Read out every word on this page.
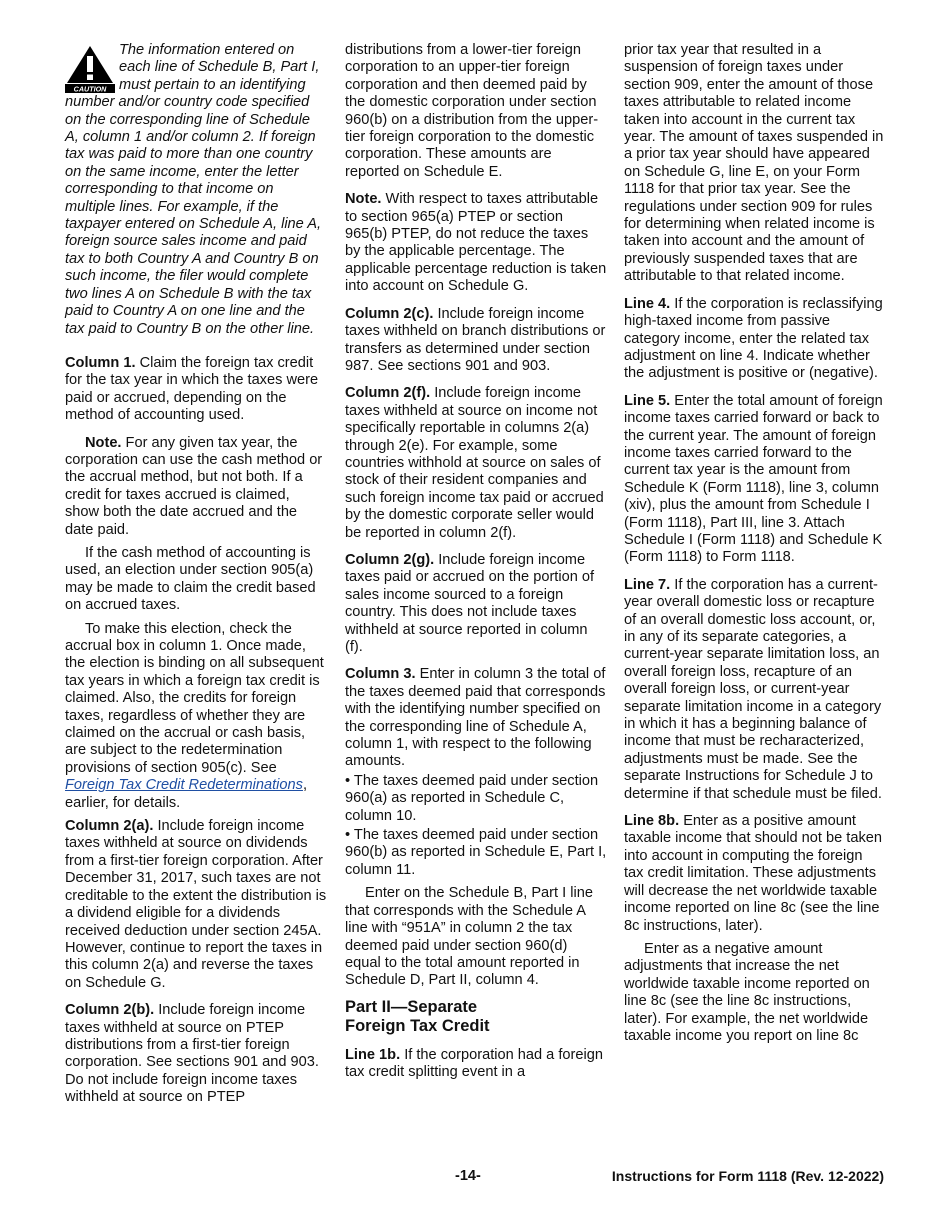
CAUTION
The information entered on each line of Schedule B, Part I, must pertain to an identifying number and/or country code specified on the corresponding line of Schedule A, column 1 and/or column 2. If foreign tax was paid to more than one country on the same income, enter the letter corresponding to that income on multiple lines. For example, if the taxpayer entered on Schedule A, line A, foreign source sales income and paid tax to both Country A and Country B on such income, the filer would complete two lines A on Schedule B with the tax paid to Country A on one line and the tax paid to Country B on the other line.

Column 1. Claim the foreign tax credit for the tax year in which the taxes were paid or accrued, depending on the method of accounting used.

Note. For any given tax year, the corporation can use the cash method or the accrual method, but not both. If a credit for taxes accrued is claimed, show both the date accrued and the date paid.

If the cash method of accounting is used, an election under section 905(a) may be made to claim the credit based on accrued taxes.

To make this election, check the accrual box in column 1. Once made, the election is binding on all subsequent tax years in which a foreign tax credit is claimed. Also, the credits for foreign taxes, regardless of whether they are claimed on the accrual or cash basis, are subject to the redetermination provisions of section 905(c). See Foreign Tax Credit Redeterminations, earlier, for details.

Column 2(a). Include foreign income taxes withheld at source on dividends from a first-tier foreign corporation. After December 31, 2017, such taxes are not creditable to the extent the distribution is a dividend eligible for a dividends received deduction under section 245A. However, continue to report the taxes in this column 2(a) and reverse the taxes on Schedule G.

Column 2(b). Include foreign income taxes withheld at source on PTEP distributions from a first-tier foreign corporation. See sections 901 and 903. Do not include foreign income taxes withheld at source on PTEP

distributions from a lower-tier foreign corporation to an upper-tier foreign corporation and then deemed paid by the domestic corporation under section 960(b) on a distribution from the upper-tier foreign corporation to the domestic corporation. These amounts are reported on Schedule E.

Note. With respect to taxes attributable to section 965(a) PTEP or section 965(b) PTEP, do not reduce the taxes by the applicable percentage. The applicable percentage reduction is taken into account on Schedule G.

Column 2(c). Include foreign income taxes withheld on branch distributions or transfers as determined under section 987. See sections 901 and 903.

Column 2(f). Include foreign income taxes withheld at source on income not specifically reportable in columns 2(a) through 2(e). For example, some countries withhold at source on sales of stock of their resident companies and such foreign income tax paid or accrued by the domestic corporate seller would be reported in column 2(f).

Column 2(g). Include foreign income taxes paid or accrued on the portion of sales income sourced to a foreign country. This does not include taxes withheld at source reported in column (f).

Column 3. Enter in column 3 the total of the taxes deemed paid that corresponds with the identifying number specified on the corresponding line of Schedule A, column 1, with respect to the following amounts.

• The taxes deemed paid under section 960(a) as reported in Schedule C, column 10.

• The taxes deemed paid under section 960(b) as reported in Schedule E, Part I, column 11.

Enter on the Schedule B, Part I line that corresponds with the Schedule A line with “951A” in column 2 the tax deemed paid under section 960(d) equal to the total amount reported in Schedule D, Part II, column 4.

Part II—Separate
Foreign Tax Credit

Line 1b. If the corporation had a foreign tax credit splitting event in a

prior tax year that resulted in a suspension of foreign taxes under section 909, enter the amount of those taxes attributable to related income taken into account in the current tax year. The amount of taxes suspended in a prior tax year should have appeared on Schedule G, line E, on your Form 1118 for that prior tax year. See the regulations under section 909 for rules for determining when related income is taken into account and the amount of previously suspended taxes that are attributable to that related income.

Line 4. If the corporation is reclassifying high-taxed income from passive category income, enter the related tax adjustment on line 4. Indicate whether the adjustment is positive or (negative).

Line 5. Enter the total amount of foreign income taxes carried forward or back to the current year. The amount of foreign income taxes carried forward to the current tax year is the amount from Schedule K (Form 1118), line 3, column (xiv), plus the amount from Schedule I (Form 1118), Part III, line 3. Attach Schedule I (Form 1118) and Schedule K (Form 1118) to Form 1118.

Line 7. If the corporation has a current-year overall domestic loss or recapture of an overall domestic loss account, or, in any of its separate categories, a current-year separate limitation loss, an overall foreign loss, recapture of an overall foreign loss, or current-year separate limitation income in a category in which it has a beginning balance of income that must be recharacterized, adjustments must be made. See the separate Instructions for Schedule J to determine if that schedule must be filed.

Line 8b. Enter as a positive amount taxable income that should not be taken into account in computing the foreign tax credit limitation. These adjustments will decrease the net worldwide taxable income reported on line 8c (see the line 8c instructions, later).

Enter as a negative amount adjustments that increase the net worldwide taxable income reported on line 8c (see the line 8c instructions, later). For example, the net worldwide taxable income you report on line 8c

-14-	Instructions for Form 1118 (Rev. 12-2022)
